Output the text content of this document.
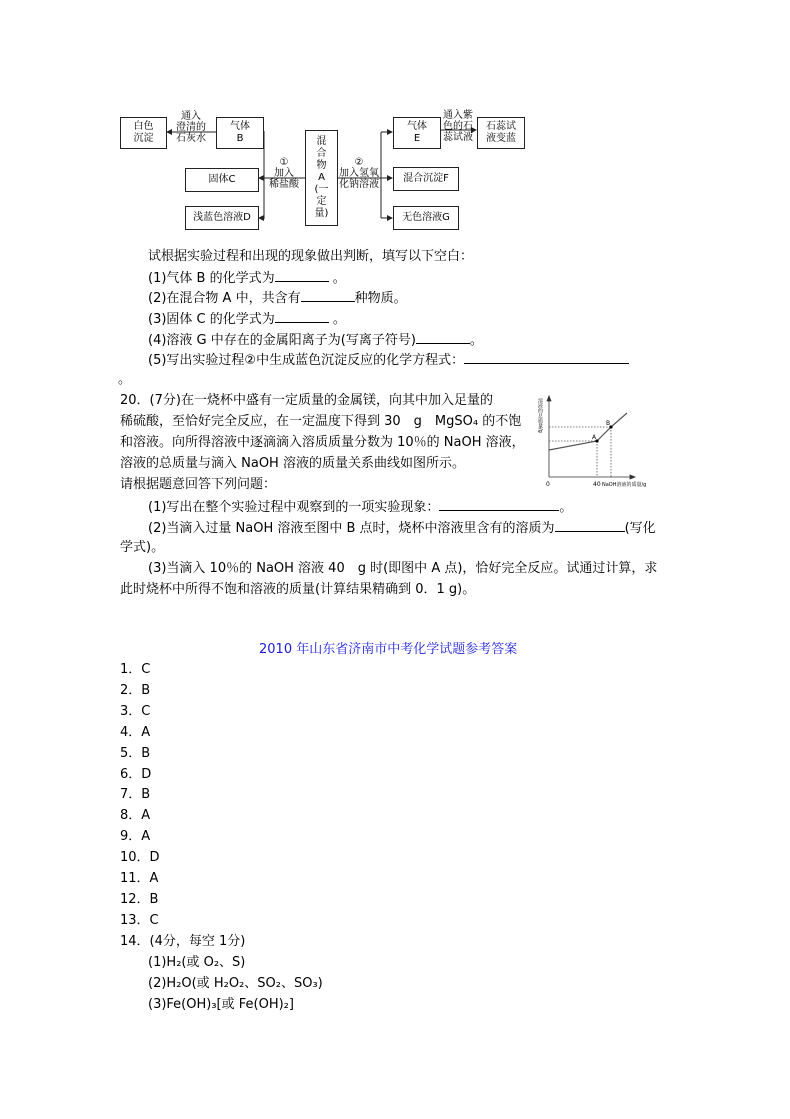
白色
沉淀
通入
澄清的
石灰水
气体
B
固体C
浅蓝色溶液D
①
加入
稀盐酸
混
合
物
A
(一
定
量)
②
加入氢氧
化钠溶液
气体
E
通入紫
色的石
蕊试液
石蕊试
液变蓝
混合沉淀F
无色溶液G
试根据实验过程和出现的现象做出判断，填写以下空白：
(1)气体 B 的化学式为	。
(2)在混合物 A 中，共含有	种物质。
(3)固体 C 的化学式为	。
(4)溶液 G 中存在的金属阳离子为(写离子符号)	。
(5)写出实验过程②中生成蓝色沉淀反应的化学方程式：
。
20．(7分)在一烧杯中盛有一定质量的金属镁，向其中加入足量的
稀硫酸，至恰好完全反应，在一定温度下得到 30　g　MgSO₄ 的不饱
和溶液。向所得溶液中逐滴滴入溶质质量分数为 10％的 NaOH 溶液，
溶液的总质量与滴入 NaOH 溶液的质量关系曲线如图所示。
请根据题意回答下列问题：
(1)写出在整个实验过程中观察到的一项实验现象：	。
(2)当滴入过量 NaOH 溶液至图中 B 点时，烧杯中溶液里含有的溶质为	(写化
学式)。
(3)当滴入 10％的 NaOH 溶液 40　g 时(即图中 A 点)，恰好完全反应。试通过计算，求
此时烧杯中所得不饱和溶液的质量(计算结果精确到 0．1 g)。
A
B
0	40 NaOH溶液的质量/g
溶液的总质量/g
2010 年山东省济南市中考化学试题参考答案
1．C
2．B
3．C
4．A
5．B
6．D
7．B
8．A
9．A
10．D
11．A
12．B
13．C
14．(4分，每空 1分)
(1)H₂(或 O₂、S)
(2)H₂O(或 H₂O₂、SO₂、SO₃)
(3)Fe(OH)₃[或 Fe(OH)₂]
